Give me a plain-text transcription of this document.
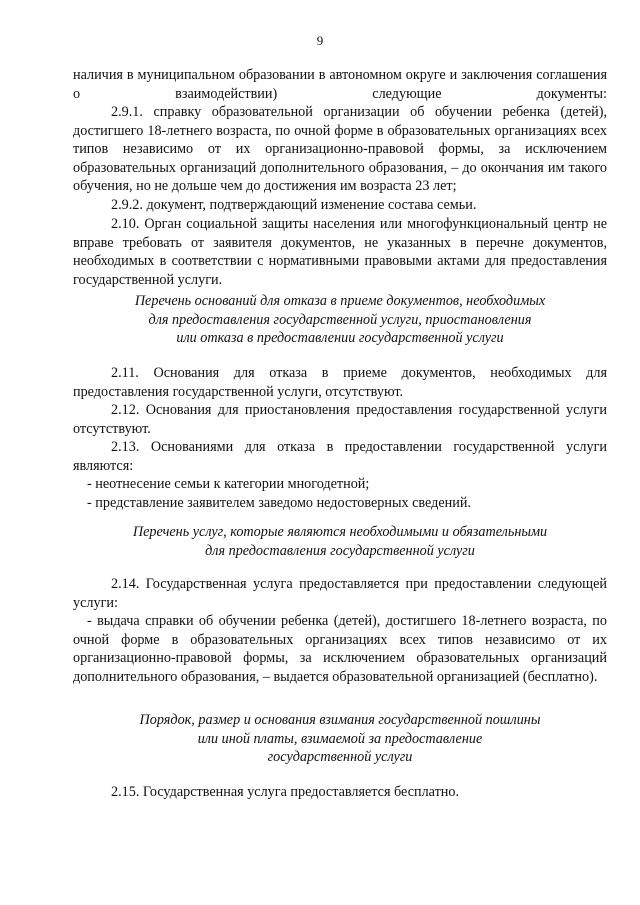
9

наличия в муниципальном образовании в автономном округе и заключения соглашения о взаимодействии) следующие документы:

2.9.1. справку образовательной организации об обучении ребенка (детей), достигшего 18-летнего возраста, по очной форме в образовательных организациях всех типов независимо от их организационно-правовой формы, за исключением образовательных организаций дополнительного образования, – до окончания им такого обучения, но не дольше чем до достижения им возраста 23 лет;

2.9.2. документ, подтверждающий изменение состава семьи.

2.10. Орган социальной защиты населения или многофункциональный центр не вправе требовать от заявителя документов, не указанных в перечне документов, необходимых в соответствии с нормативными правовыми актами для предоставления государственной услуги.

Перечень оснований для отказа в приеме документов, необходимых
для предоставления государственной услуги, приостановления
или отказа в предоставлении государственной услуги

2.11. Основания для отказа в приеме документов, необходимых для предоставления государственной услуги, отсутствуют.

2.12. Основания для приостановления предоставления государственной услуги отсутствуют.

2.13. Основаниями для отказа в предоставлении государственной услуги являются:

- неотнесение семьи к категории многодетной;

- представление заявителем заведомо недостоверных сведений.

Перечень услуг, которые являются необходимыми и обязательными
для предоставления государственной услуги

2.14. Государственная услуга предоставляется при предоставлении следующей услуги:

- выдача справки об обучении ребенка (детей), достигшего 18-летнего возраста, по очной форме в образовательных организациях всех типов независимо от их организационно-правовой формы, за исключением образовательных организаций дополнительного образования, – выдается образовательной организацией (бесплатно).

Порядок, размер и основания взимания государственной пошлины
или иной платы, взимаемой за предоставление
государственной услуги

2.15. Государственная услуга предоставляется бесплатно.
